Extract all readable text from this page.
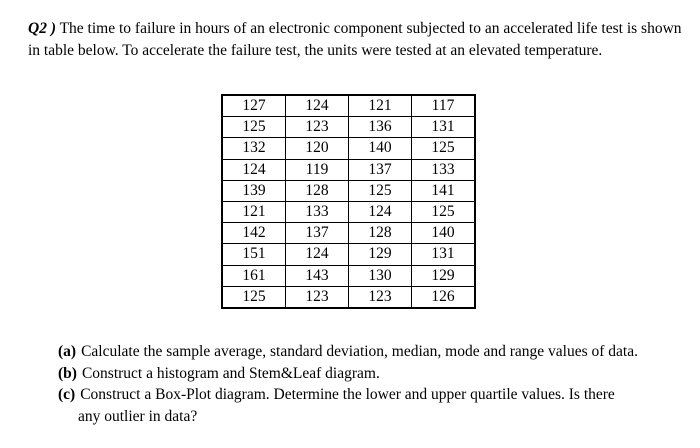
Q2 ) The time to failure in hours of an electronic component subjected to an accelerated life test is shown in table below. To accelerate the failure test, the units were tested at an elevated temperature.
127	124	121	117
125	123	136	131
132	120	140	125
124	119	137	133
139	128	125	141
121	133	124	125
142	137	128	140
151	124	129	131
161	143	130	129
125	123	123	126
(a) Calculate the sample average, standard deviation, median, mode and range values of data.
(b) Construct a histogram and Stem&Leaf diagram.
(c) Construct a Box-Plot diagram. Determine the lower and upper quartile values. Is there
any outlier in data?
